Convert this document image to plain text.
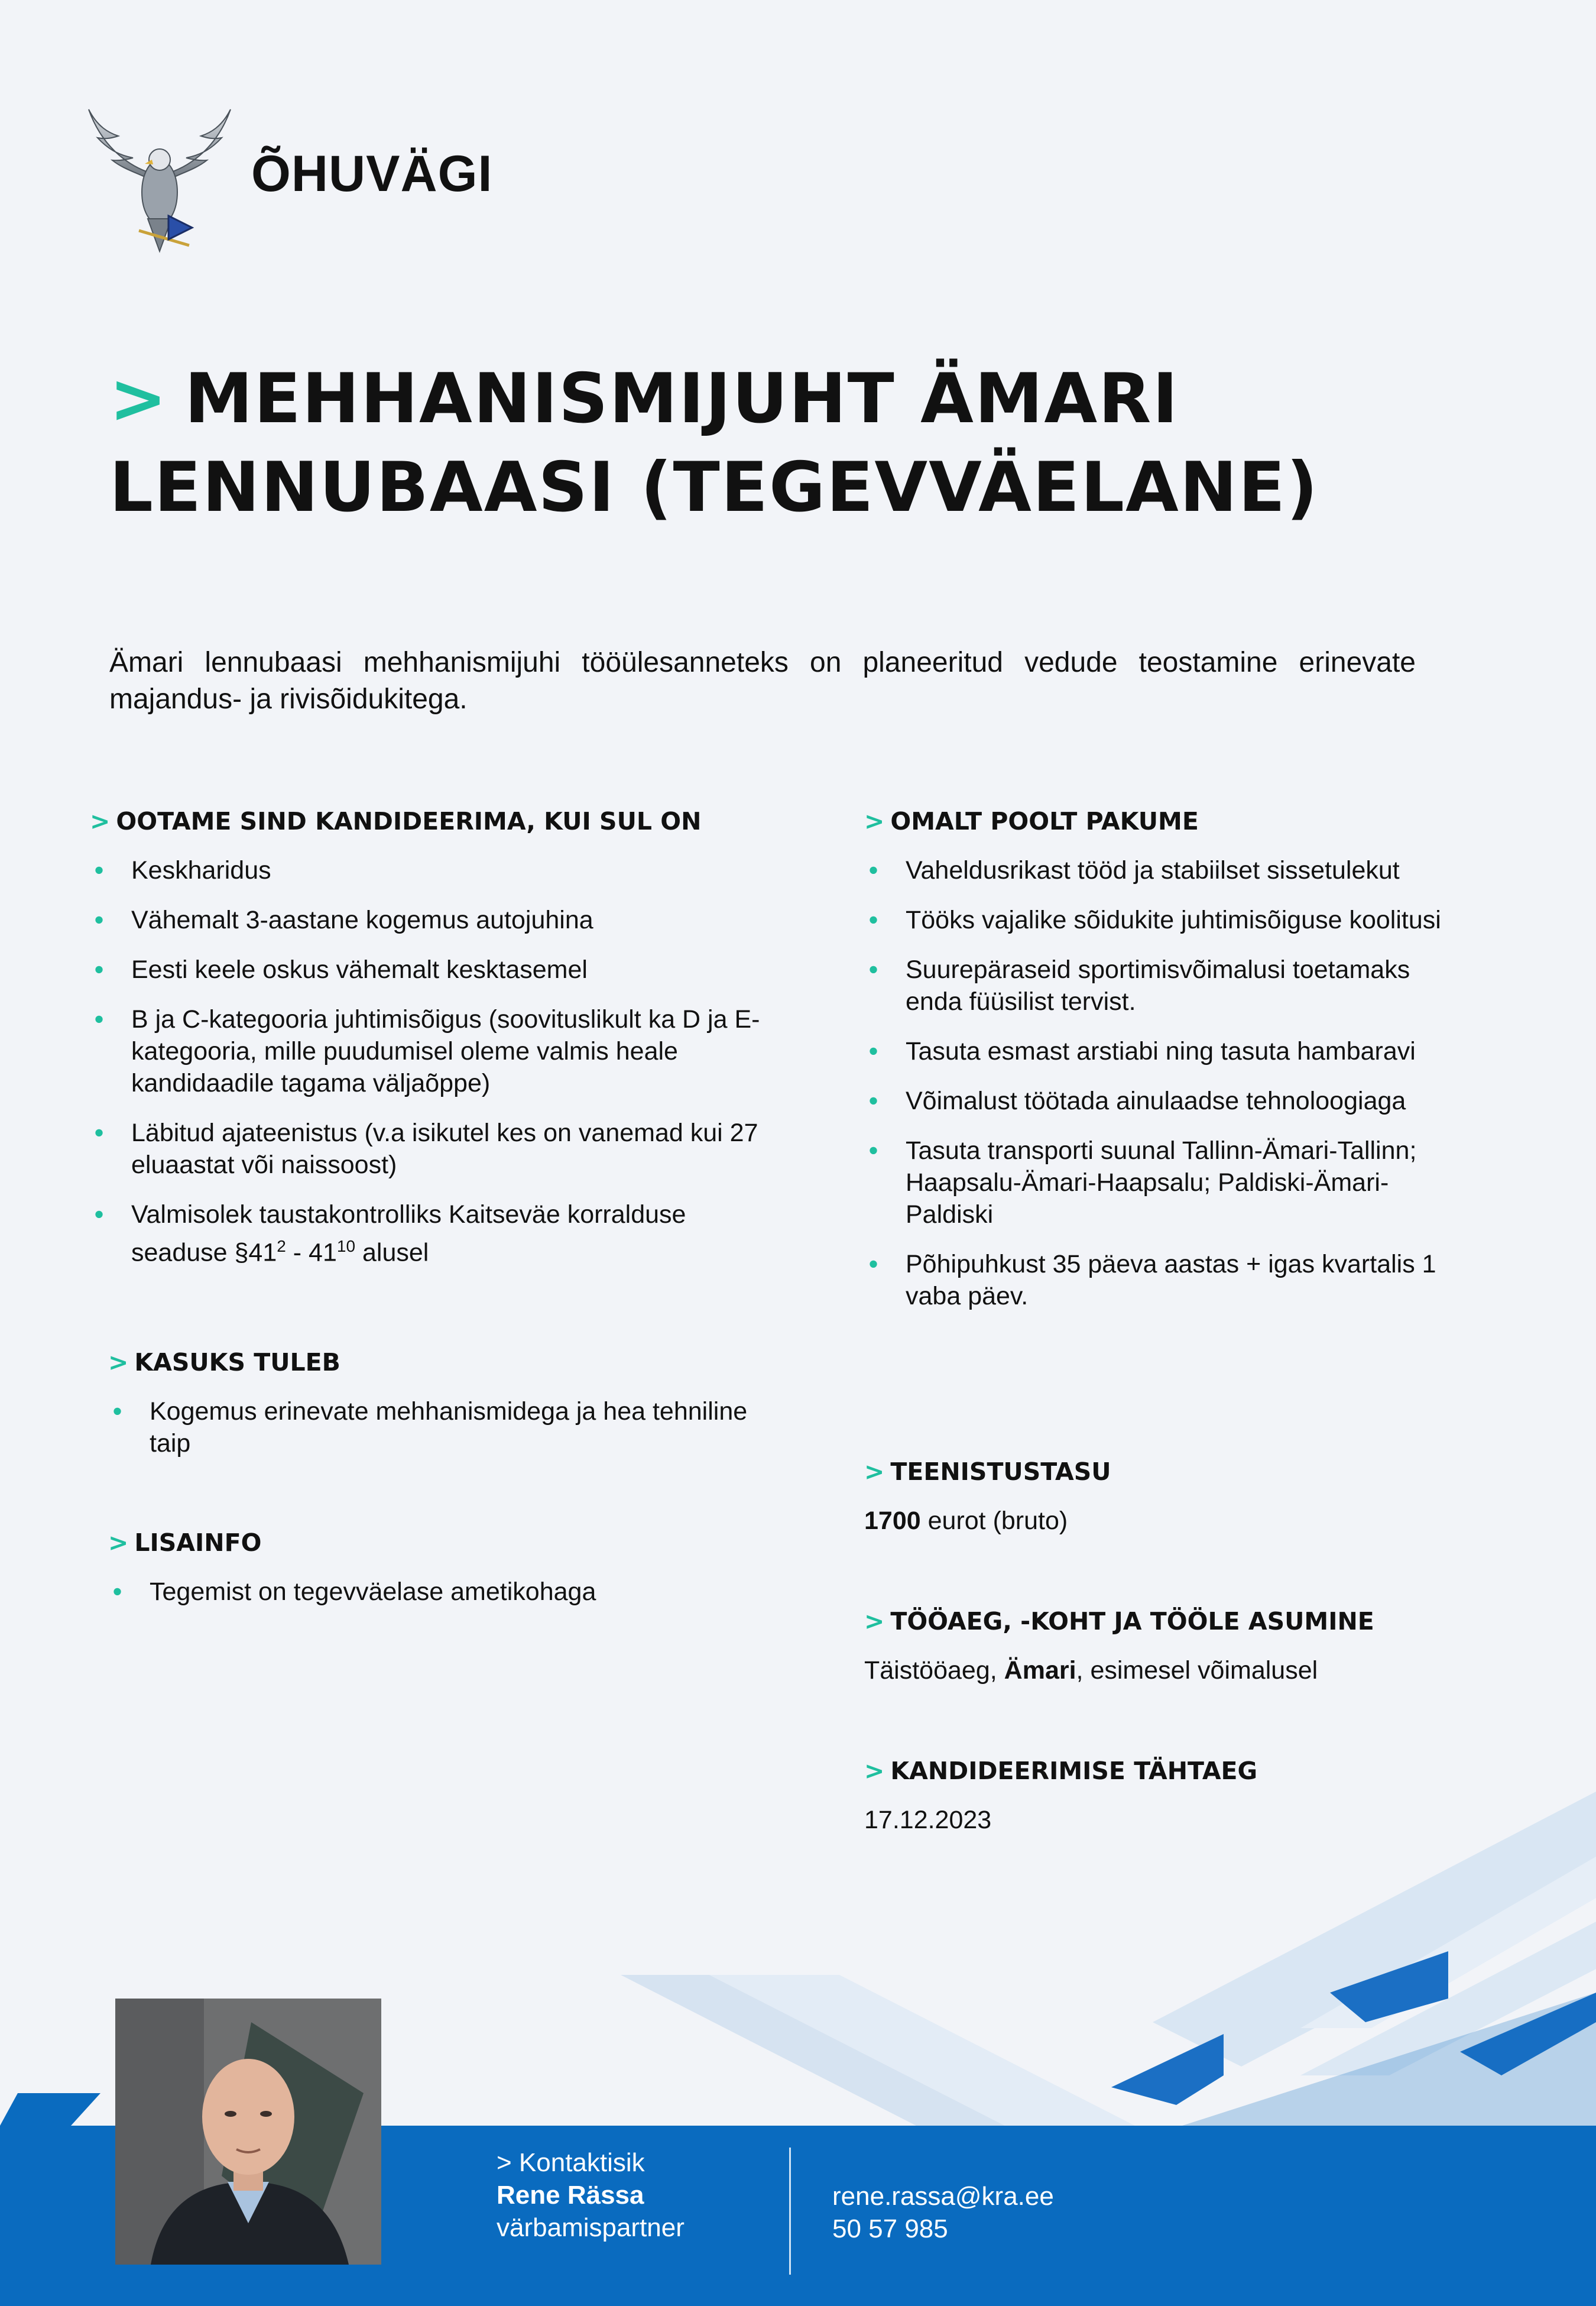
ÕHUVÄGI
> MEHHANISMIJUHT ÄMARI
LENNUBAASI (TEGEVVÄELANE)

Ämari lennubaasi mehhanismijuhi tööülesanneteks on planeeritud vedude teostamine erinevate majandus- ja rivisõidukitega.

> OOTAME SIND KANDIDEERIMA, KUI SUL ON
• Keskharidus
• Vähemalt 3-aastane kogemus autojuhina
• Eesti keele oskus vähemalt kesktasemel
• B ja C-kategooria juhtimisõigus (soovituslikult ka D ja E-kategooria, mille puudumisel oleme valmis heale kandidaadile tagama väljaõppe)
• Läbitud ajateenistus (v.a isikutel kes on vanemad kui 27 eluaastat või naissoost)
• Valmisolek taustakontrolliks Kaitseväe korralduse seaduse $\S 41^2 - 41^{10}$ alusel
> KASUKS TULEB
• Kogemus erinevate mehhanismidega ja hea tehniline taip
> LISAINFO
• Tegemist on tegevväelase ametikohaga
> OMALT POOLT PAKUME
• Vaheldusrikast tööd ja stabiilset sissetulekut
• Tööks vajalike sõidukite juhtimisõiguse koolitusi
• Suurepäraseid sportimisvõimalusi toetamaks enda füüsilist tervist.
• Tasuta esmast arstiabi ning tasuta hambaravi
• Võimalust töötada ainulaadse tehnoloogiaga
• Tasuta transporti suunal Tallinn-Ämari-Tallinn; Haapsalu-Ämari-Haapsalu; Paldiski-Ämari-Paldiski
• Põhipuhkust 35 päeva aastas + igas kvartalis 1 vaba päev.
> TEENISTUSTASU
1700 eurot (bruto)
> TÖÖAEG, -KOHT JA TÖÖLE ASUMINE
Täistööaeg, Ämari, esimesel võimalusel
> KANDIDEERIMISE TÄHTAEG
17.12.2023
> Kontaktisik
Rene Rässa
värbamispartner
rene.rassa@kra.ee
50 57 985
